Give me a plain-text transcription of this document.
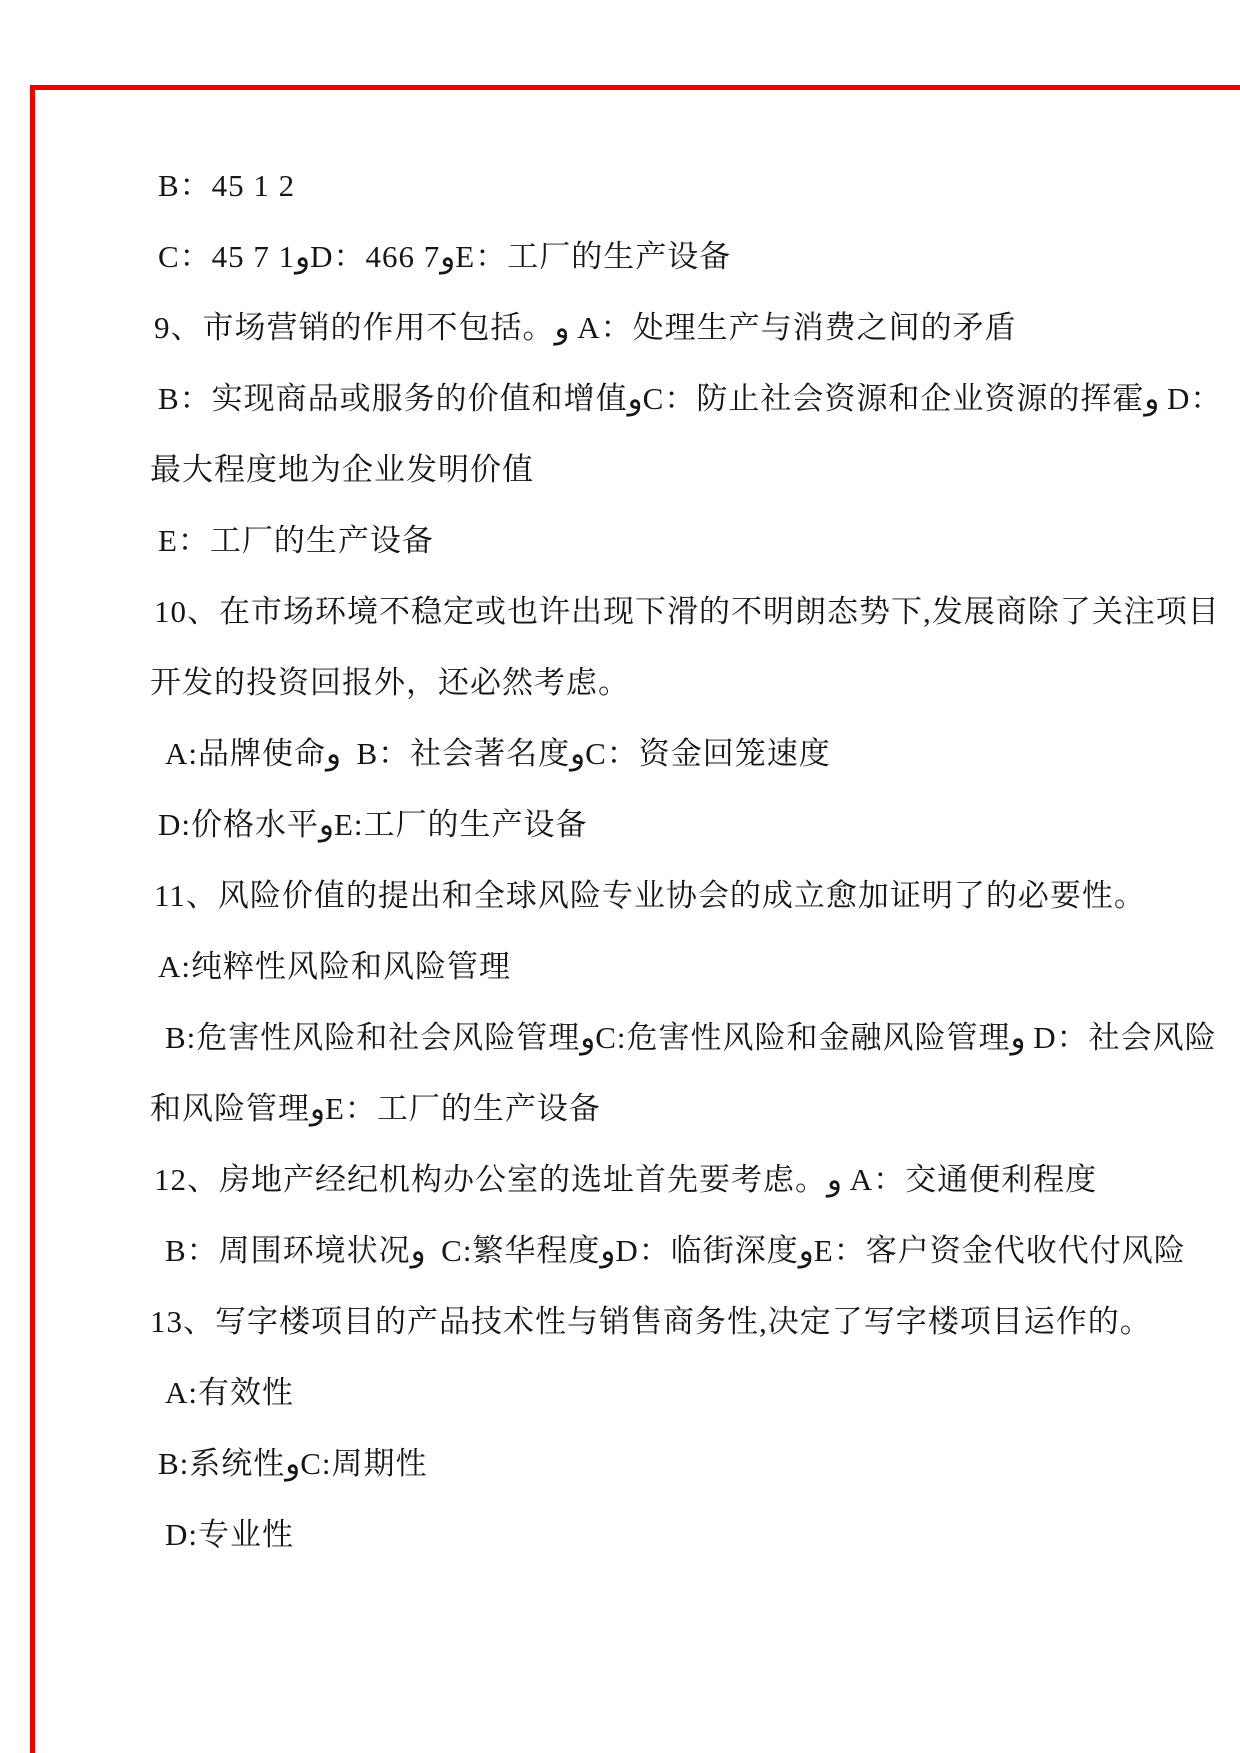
B：45 1 2
C：45 7 1وD：466 7وE：工厂的生产设备
9、市场营销的作用不包括。و A：处理生产与消费之间的矛盾
B：实现商品或服务的价值和增值وC：防止社会资源和企业资源的挥霍و D：
最大程度地为企业发明价值
E：工厂的生产设备
10、在市场环境不稳定或也许出现下滑的不明朗态势下,发展商除了关注项目
开发的投资回报外，还必然考虑。
A:品牌使命و  B：社会著名度وC：资金回笼速度
D:价格水平وE:工厂的生产设备
11、风险价值的提出和全球风险专业协会的成立愈加证明了的必要性。
A:纯粹性风险和风险管理
B:危害性风险和社会风险管理وC:危害性风险和金融风险管理و D：社会风险
和风险管理وE：工厂的生产设备
12、房地产经纪机构办公室的选址首先要考虑。و A：交通便利程度
B：周围环境状况و  C:繁华程度وD：临街深度وE：客户资金代收代付风险
13、写字楼项目的产品技术性与销售商务性,决定了写字楼项目运作的。
A:有效性
B:系统性وC:周期性
D:专业性
